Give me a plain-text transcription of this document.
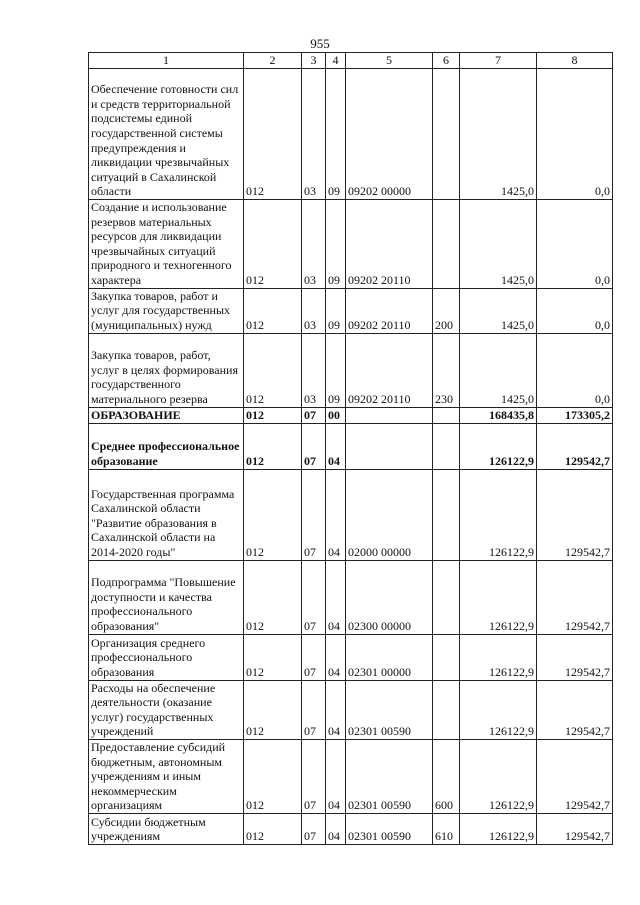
955
1	2	3	4	5	6	7	8
Обеспечение готовности сил и средств территориальной подсистемы единой государственной системы предупреждения и ликвидации чрезвычайных ситуаций в Сахалинской области	012	03	09	09202 00000		1425,0	0,0
Создание и использование резервов материальных ресурсов для ликвидации чрезвычайных ситуаций природного и техногенного характера	012	03	09	09202 20110		1425,0	0,0
Закупка товаров, работ и услуг для государственных (муниципальных) нужд	012	03	09	09202 20110	200	1425,0	0,0
Закупка товаров, работ, услуг в целях формирования государственного материального резерва	012	03	09	09202 20110	230	1425,0	0,0
ОБРАЗОВАНИЕ	012	07	00			168435,8	173305,2
Среднее профессиональное образование	012	07	04			126122,9	129542,7
Государственная программа Сахалинской области "Развитие образования в Сахалинской области на 2014-2020 годы"	012	07	04	02000 00000		126122,9	129542,7
Подпрограмма "Повышение доступности и качества профессионального образования"	012	07	04	02300 00000		126122,9	129542,7
Организация среднего профессионального образования	012	07	04	02301 00000		126122,9	129542,7
Расходы на обеспечение деятельности (оказание услуг) государственных учреждений	012	07	04	02301 00590		126122,9	129542,7
Предоставление субсидий бюджетным, автономным учреждениям и иным некоммерческим организациям	012	07	04	02301 00590	600	126122,9	129542,7
Субсидии бюджетным учреждениям	012	07	04	02301 00590	610	126122,9	129542,7
